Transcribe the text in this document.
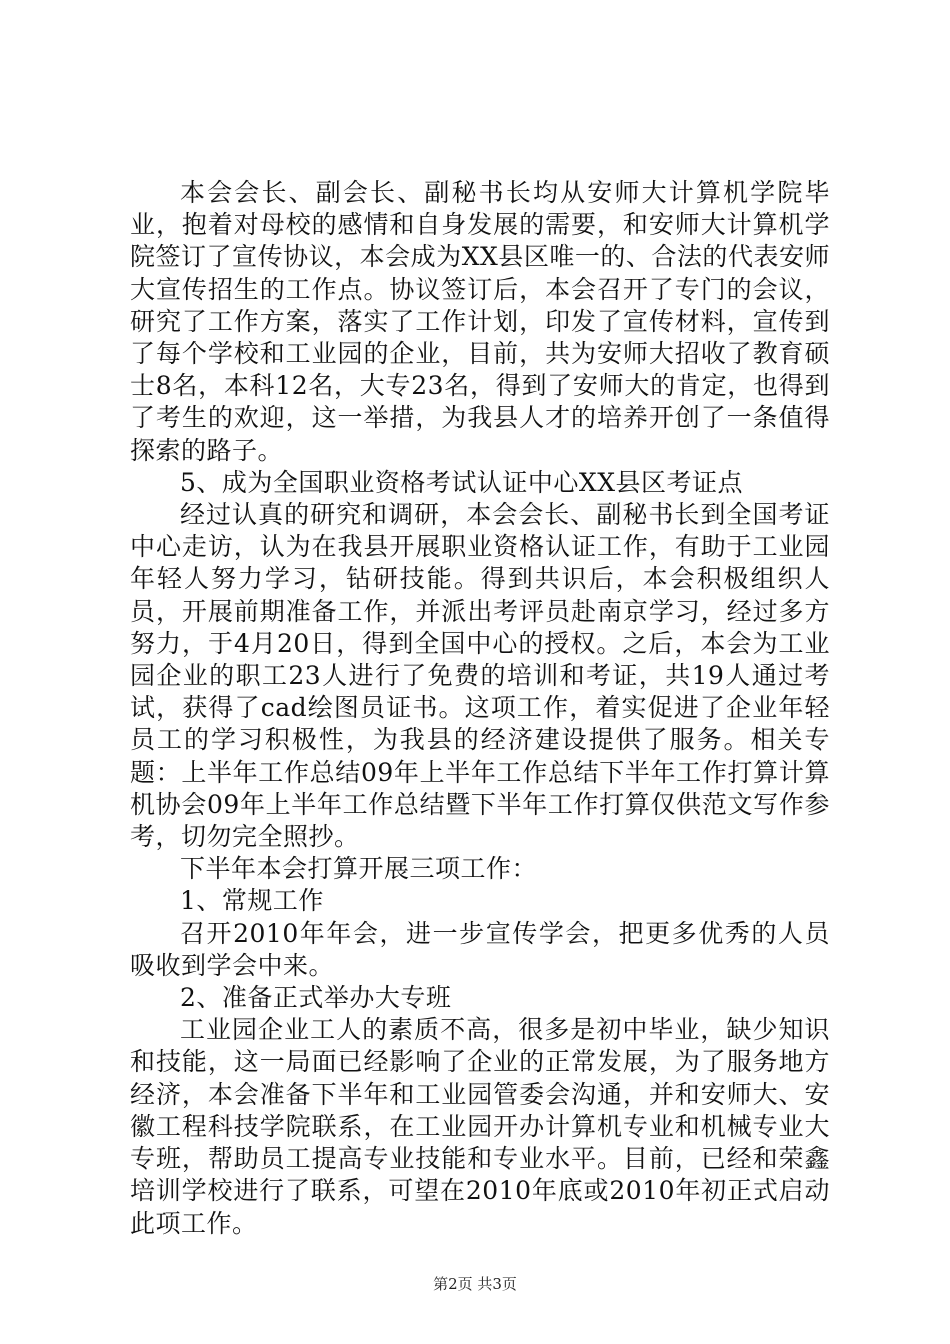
本会会长、副会长、副秘书长均从安师大计算机学院毕业，抱着对母校的感情和自身发展的需要，和安师大计算机学院签订了宣传协议，本会成为XX县区唯一的、合法的代表安师大宣传招生的工作点。协议签订后，本会召开了专门的会议，研究了工作方案，落实了工作计划，印发了宣传材料，宣传到了每个学校和工业园的企业，目前，共为安师大招收了教育硕士8名，本科12名，大专23名，得到了安师大的肯定，也得到了考生的欢迎，这一举措，为我县人才的培养开创了一条值得探索的路子。

5、成为全国职业资格考试认证中心XX县区考证点

经过认真的研究和调研，本会会长、副秘书长到全国考证中心走访，认为在我县开展职业资格认证工作，有助于工业园年轻人努力学习，钻研技能。得到共识后，本会积极组织人员，开展前期准备工作，并派出考评员赴南京学习，经过多方努力，于4月20日，得到全国中心的授权。之后，本会为工业园企业的职工23人进行了免费的培训和考证，共19人通过考试，获得了cad绘图员证书。这项工作，着实促进了企业年轻员工的学习积极性，为我县的经济建设提供了服务。相关专题：上半年工作总结09年上半年工作总结下半年工作打算计算机协会09年上半年工作总结暨下半年工作打算仅供范文写作参考，切勿完全照抄。

下半年本会打算开展三项工作：

1、常规工作

召开2010年年会，进一步宣传学会，把更多优秀的人员吸收到学会中来。

2、准备正式举办大专班

工业园企业工人的素质不高，很多是初中毕业，缺少知识和技能，这一局面已经影响了企业的正常发展，为了服务地方经济，本会准备下半年和工业园管委会沟通，并和安师大、安徽工程科技学院联系，在工业园开办计算机专业和机械专业大专班，帮助员工提高专业技能和专业水平。目前，已经和荣鑫培训学校进行了联系，可望在2010年底或2010年初正式启动此项工作。

第2页 共3页
